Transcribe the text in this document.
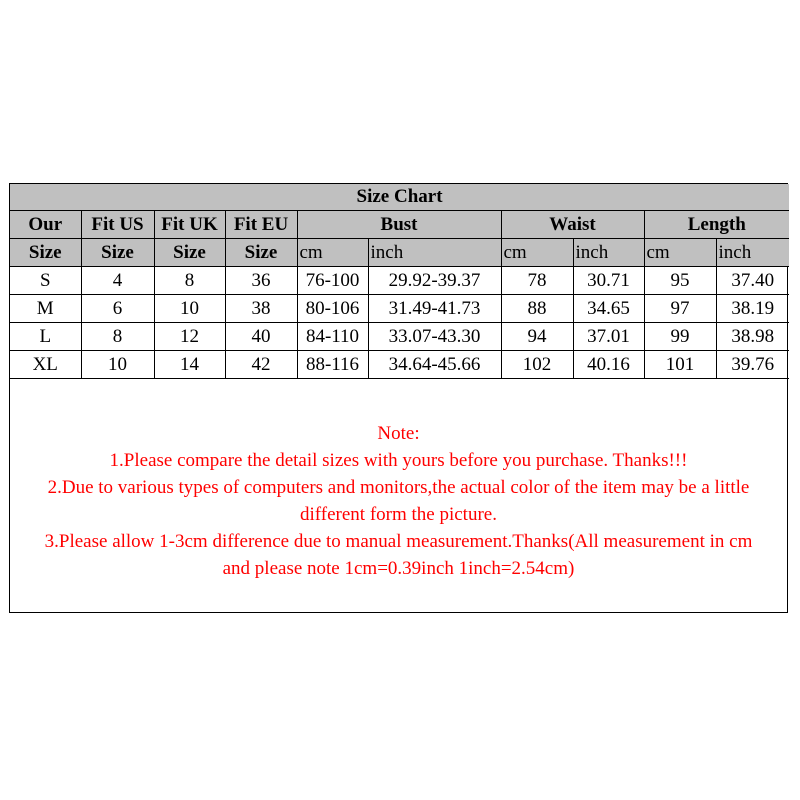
Size Chart									
Our	Fit US	Fit UK	Fit EU	Bust		Waist		Length	
Size	Size	Size	Size	cm	inch	cm	inch	cm	inch
S	4	8	36	76-100	29.92-39.37	78	30.71	95	37.40
M	6	10	38	80-106	31.49-41.73	88	34.65	97	38.19
L	8	12	40	84-110	33.07-43.30	94	37.01	99	38.98
XL	10	14	42	88-116	34.64-45.66	102	40.16	101	39.76
Note:
1.Please compare the detail sizes with yours before you purchase. Thanks!!!
2.Due to various types of computers and monitors,the actual color of the item may be a little
different form the picture.
3.Please allow 1-3cm difference due to manual measurement.Thanks(All measurement in cm
and please note 1cm=0.39inch 1inch=2.54cm)
